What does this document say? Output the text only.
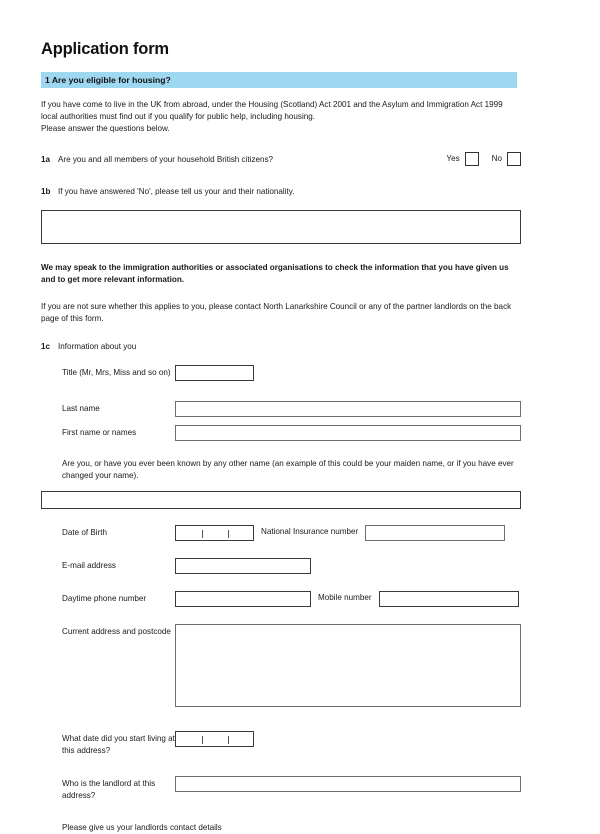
Application form
1 Are you eligible for housing?

If you have come to live in the UK from abroad, under the Housing (Scotland) Act 2001 and the Asylum and Immigration Act 1999 local authorities must find out if you qualify for public help, including housing.

Please answer the questions below.

1a Are you and all members of your household British citizens?	Yes	No
1b If you have answered 'No', please tell us your and their nationality.

We may speak to the immigration authorities or associated organisations to check the information that you have given us and to get more relevant information.

If you are not sure whether this applies to you, please contact North Lanarkshire Council or any of the partner landlords on the back page of this form.

1c Information about you
Title (Mr, Mrs, Miss and so on)
Last name
First name or names

Are you, or have you ever been known by any other name (an example of this could be your maiden name, or if you have ever changed your name).

Date of Birth	National Insurance number
E-mail address
Daytime phone number	Mobile number
Current address and postcode
What date did you start living at this address?
Who is the landlord at this address?

Please give us your landlords contact details
